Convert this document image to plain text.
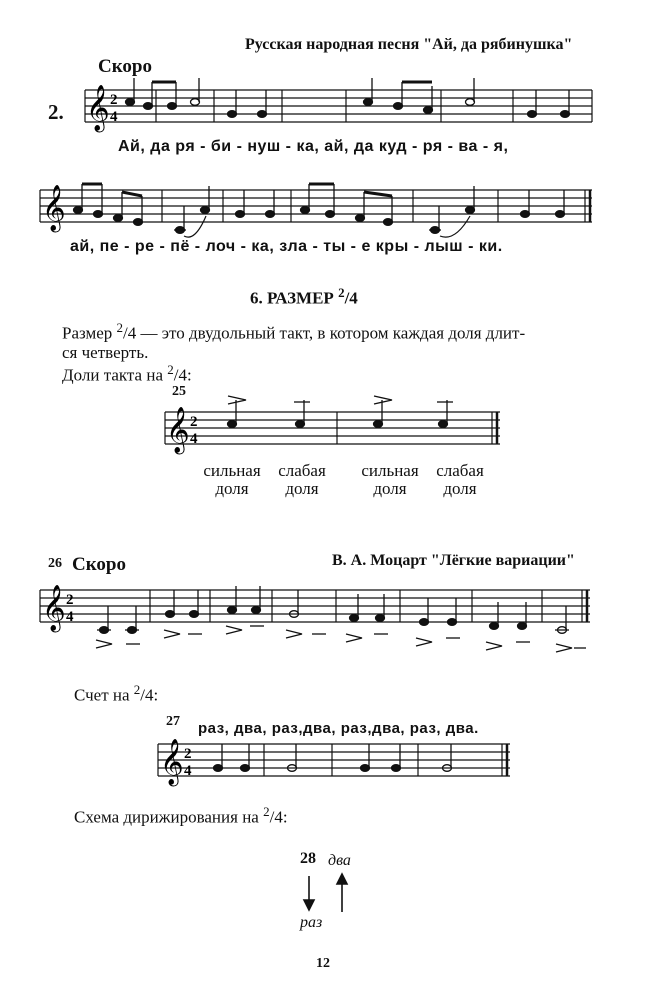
Русская народная песня "Ай, да рябинушка"
Скоро
2. 𝄞 2
4
Ай, да ря - би - нуш - ка, ай, да куд - ря - ва - я,
𝄞
ай, пе - ре - пё - лоч - ка, зла - ты - е кры - лыш - ки.
6. РАЗМЕР $^2$/4
Размер $^2$/4 — это двудольный такт, в котором каждая доля длит-
ся четверть.
Доли такта на $^2$/4:
25
𝄞 2
4
сильная
доля
слабая
доля
сильная
доля
слабая
доля
26 Скоро	В. А. Моцарт "Лёгкие вариации"
𝄞 2
4
Счет на $^2$/4:
27 раз, два, раз,два, раз,два, раз, два.
𝄞 2
4
Схема дирижирования на $^2$/4:
28 два
раз
12
